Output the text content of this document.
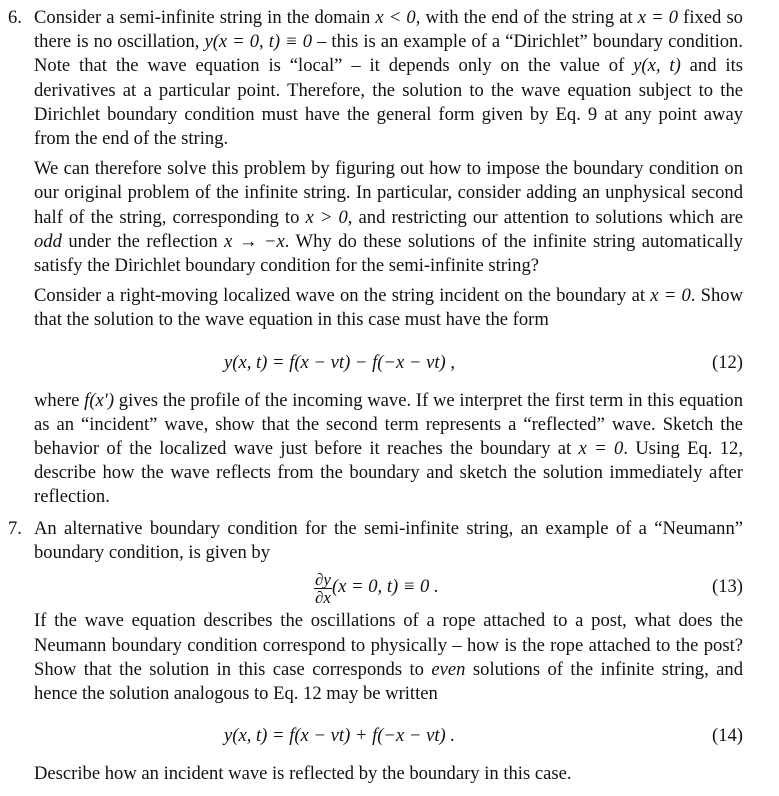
6. Consider a semi-infinite string in the domain x < 0, with the end of the string at x = 0 fixed so there is no oscillation, y(x = 0, t) ≡ 0 – this is an example of a “Dirichlet” boundary condition. Note that the wave equation is “local” – it depends only on the value of y(x, t) and its derivatives at a particular point. Therefore, the solution to the wave equation subject to the Dirichlet boundary condition must have the general form given by Eq. 9 at any point away from the end of the string.

We can therefore solve this problem by figuring out how to impose the boundary condition on our original problem of the infinite string. In particular, consider adding an unphysical second half of the string, corresponding to x > 0, and restricting our attention to solutions which are odd under the reflection x → −x. Why do these solutions of the infinite string automatically satisfy the Dirichlet boundary condition for the semi-infinite string?

Consider a right-moving localized wave on the string incident on the boundary at x = 0. Show that the solution to the wave equation in this case must have the form

y(x, t) = f(x − vt) − f(−x − vt) ,	(12)

where f(x′) gives the profile of the incoming wave. If we interpret the first term in this equation as an “incident” wave, show that the second term represents a “reflected” wave. Sketch the behavior of the localized wave just before it reaches the boundary at x = 0. Using Eq. 12, describe how the wave reflects from the boundary and sketch the solution immediately after reflection.

7. An alternative boundary condition for the semi-infinite string, an example of a “Neumann” boundary condition, is given by

$\frac{\partial y}{\partial x} (x = 0$, t) ≡ 0 .	(13)

If the wave equation describes the oscillations of a rope attached to a post, what does the Neumann boundary condition correspond to physically – how is the rope attached to the post? Show that the solution in this case corresponds to even solutions of the infinite string, and hence the solution analogous to Eq. 12 may be written

y(x, t) = f(x − vt) + f(−x − vt) .	(14)

Describe how an incident wave is reflected by the boundary in this case.
